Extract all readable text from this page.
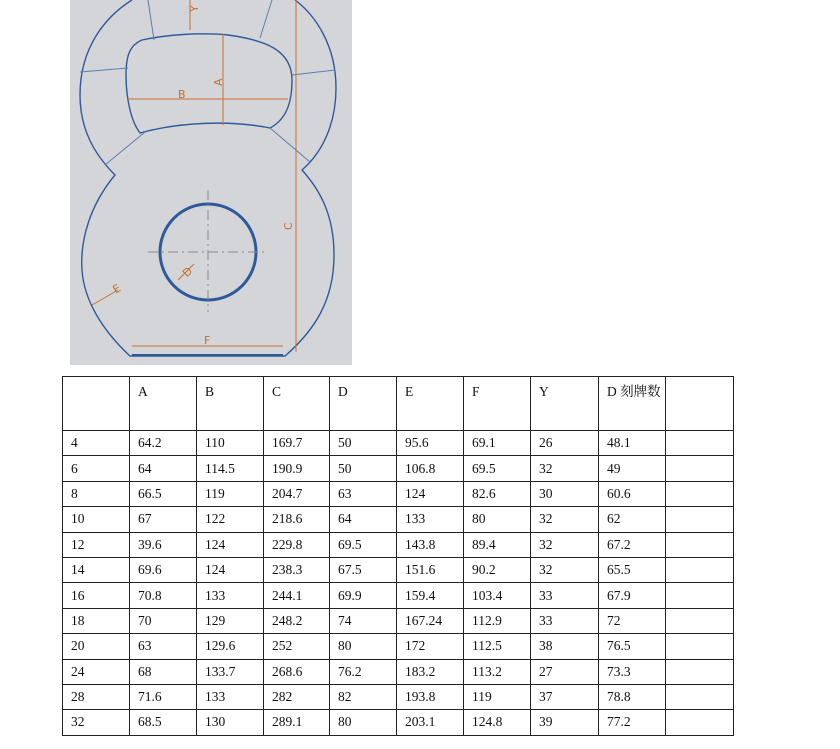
B
A
C
D
E
F
Y
	A	B	C	D	E	F	Y	D 刻牌数	
4	64.2	110	169.7	50	95.6	69.1	26	48.1	
6	64	114.5	190.9	50	106.8	69.5	32	49	
8	66.5	119	204.7	63	124	82.6	30	60.6	
10	67	122	218.6	64	133	80	32	62	
12	39.6	124	229.8	69.5	143.8	89.4	32	67.2	
14	69.6	124	238.3	67.5	151.6	90.2	32	65.5	
16	70.8	133	244.1	69.9	159.4	103.4	33	67.9	
18	70	129	248.2	74	167.24	112.9	33	72	
20	63	129.6	252	80	172	112.5	38	76.5	
24	68	133.7	268.6	76.2	183.2	113.2	27	73.3	
28	71.6	133	282	82	193.8	119	37	78.8	
32	68.5	130	289.1	80	203.1	124.8	39	77.2	
